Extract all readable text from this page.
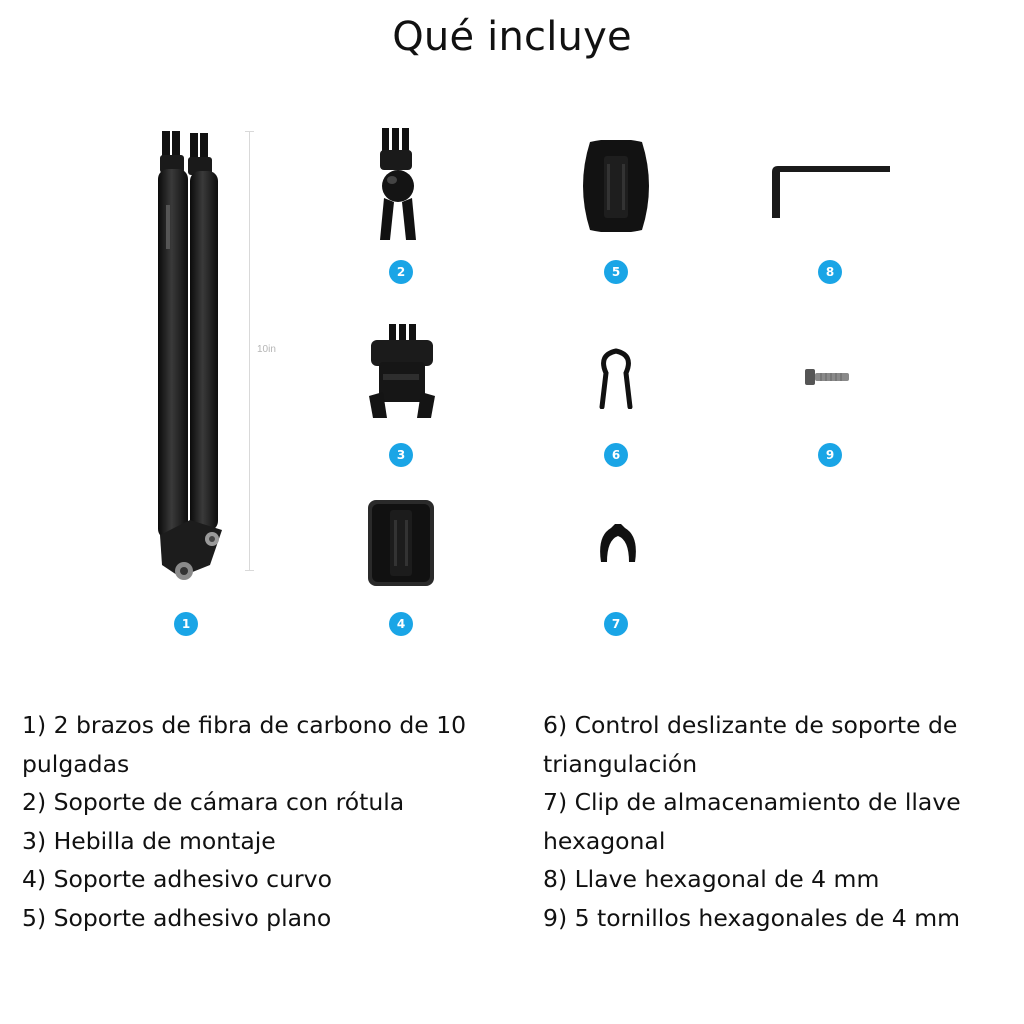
Qué incluye
10in
1
2
3
4
5
6
7
8
9
1) 2 brazos de fibra de carbono de 10
pulgadas
2) Soporte de cámara con rótula
3) Hebilla de montaje
4) Soporte adhesivo curvo
5) Soporte adhesivo plano
6) Control deslizante de soporte de
triangulación
7) Clip de almacenamiento de llave
hexagonal
8) Llave hexagonal de 4 mm
9) 5 tornillos hexagonales de 4 mm
